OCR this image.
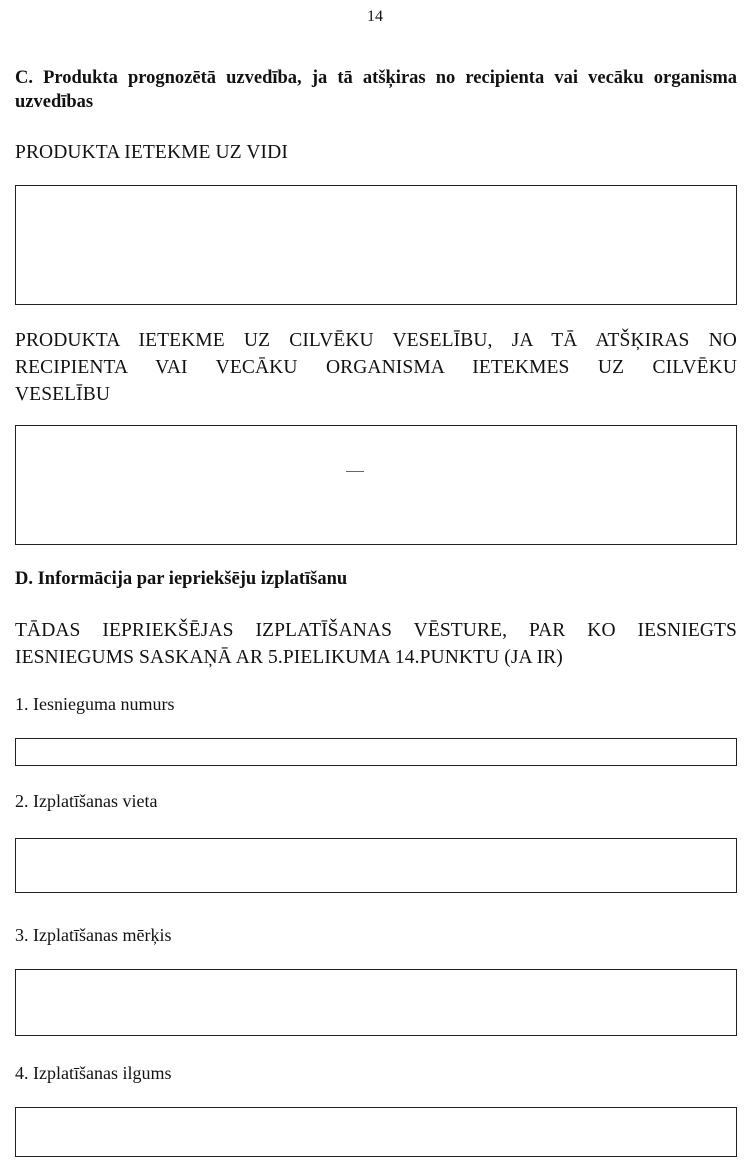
14
C. Produkta prognozētā uzvedība, ja tā atšķiras no recipienta vai vecāku organisma uzvedības
PRODUKTA IETEKME UZ VIDI
PRODUKTA IETEKME UZ CILVĒKU VESELĪBU, JA TĀ ATŠĶIRAS NO
RECIPIENTA VAI VECĀKU ORGANISMA IETEKMES UZ CILVĒKU
VESELĪBU
D. Informācija par iepriekšēju izplatīšanu
TĀDAS IEPRIEKŠĒJAS IZPLATĪŠANAS VĒSTURE, PAR KO IESNIEGTS
IESNIEGUMS SASKAŅĀ AR 5.PIELIKUMA 14.PUNKTU (JA IR)
1. Iesnieguma numurs
2. Izplatīšanas vieta
3. Izplatīšanas mērķis
4. Izplatīšanas ilgums
